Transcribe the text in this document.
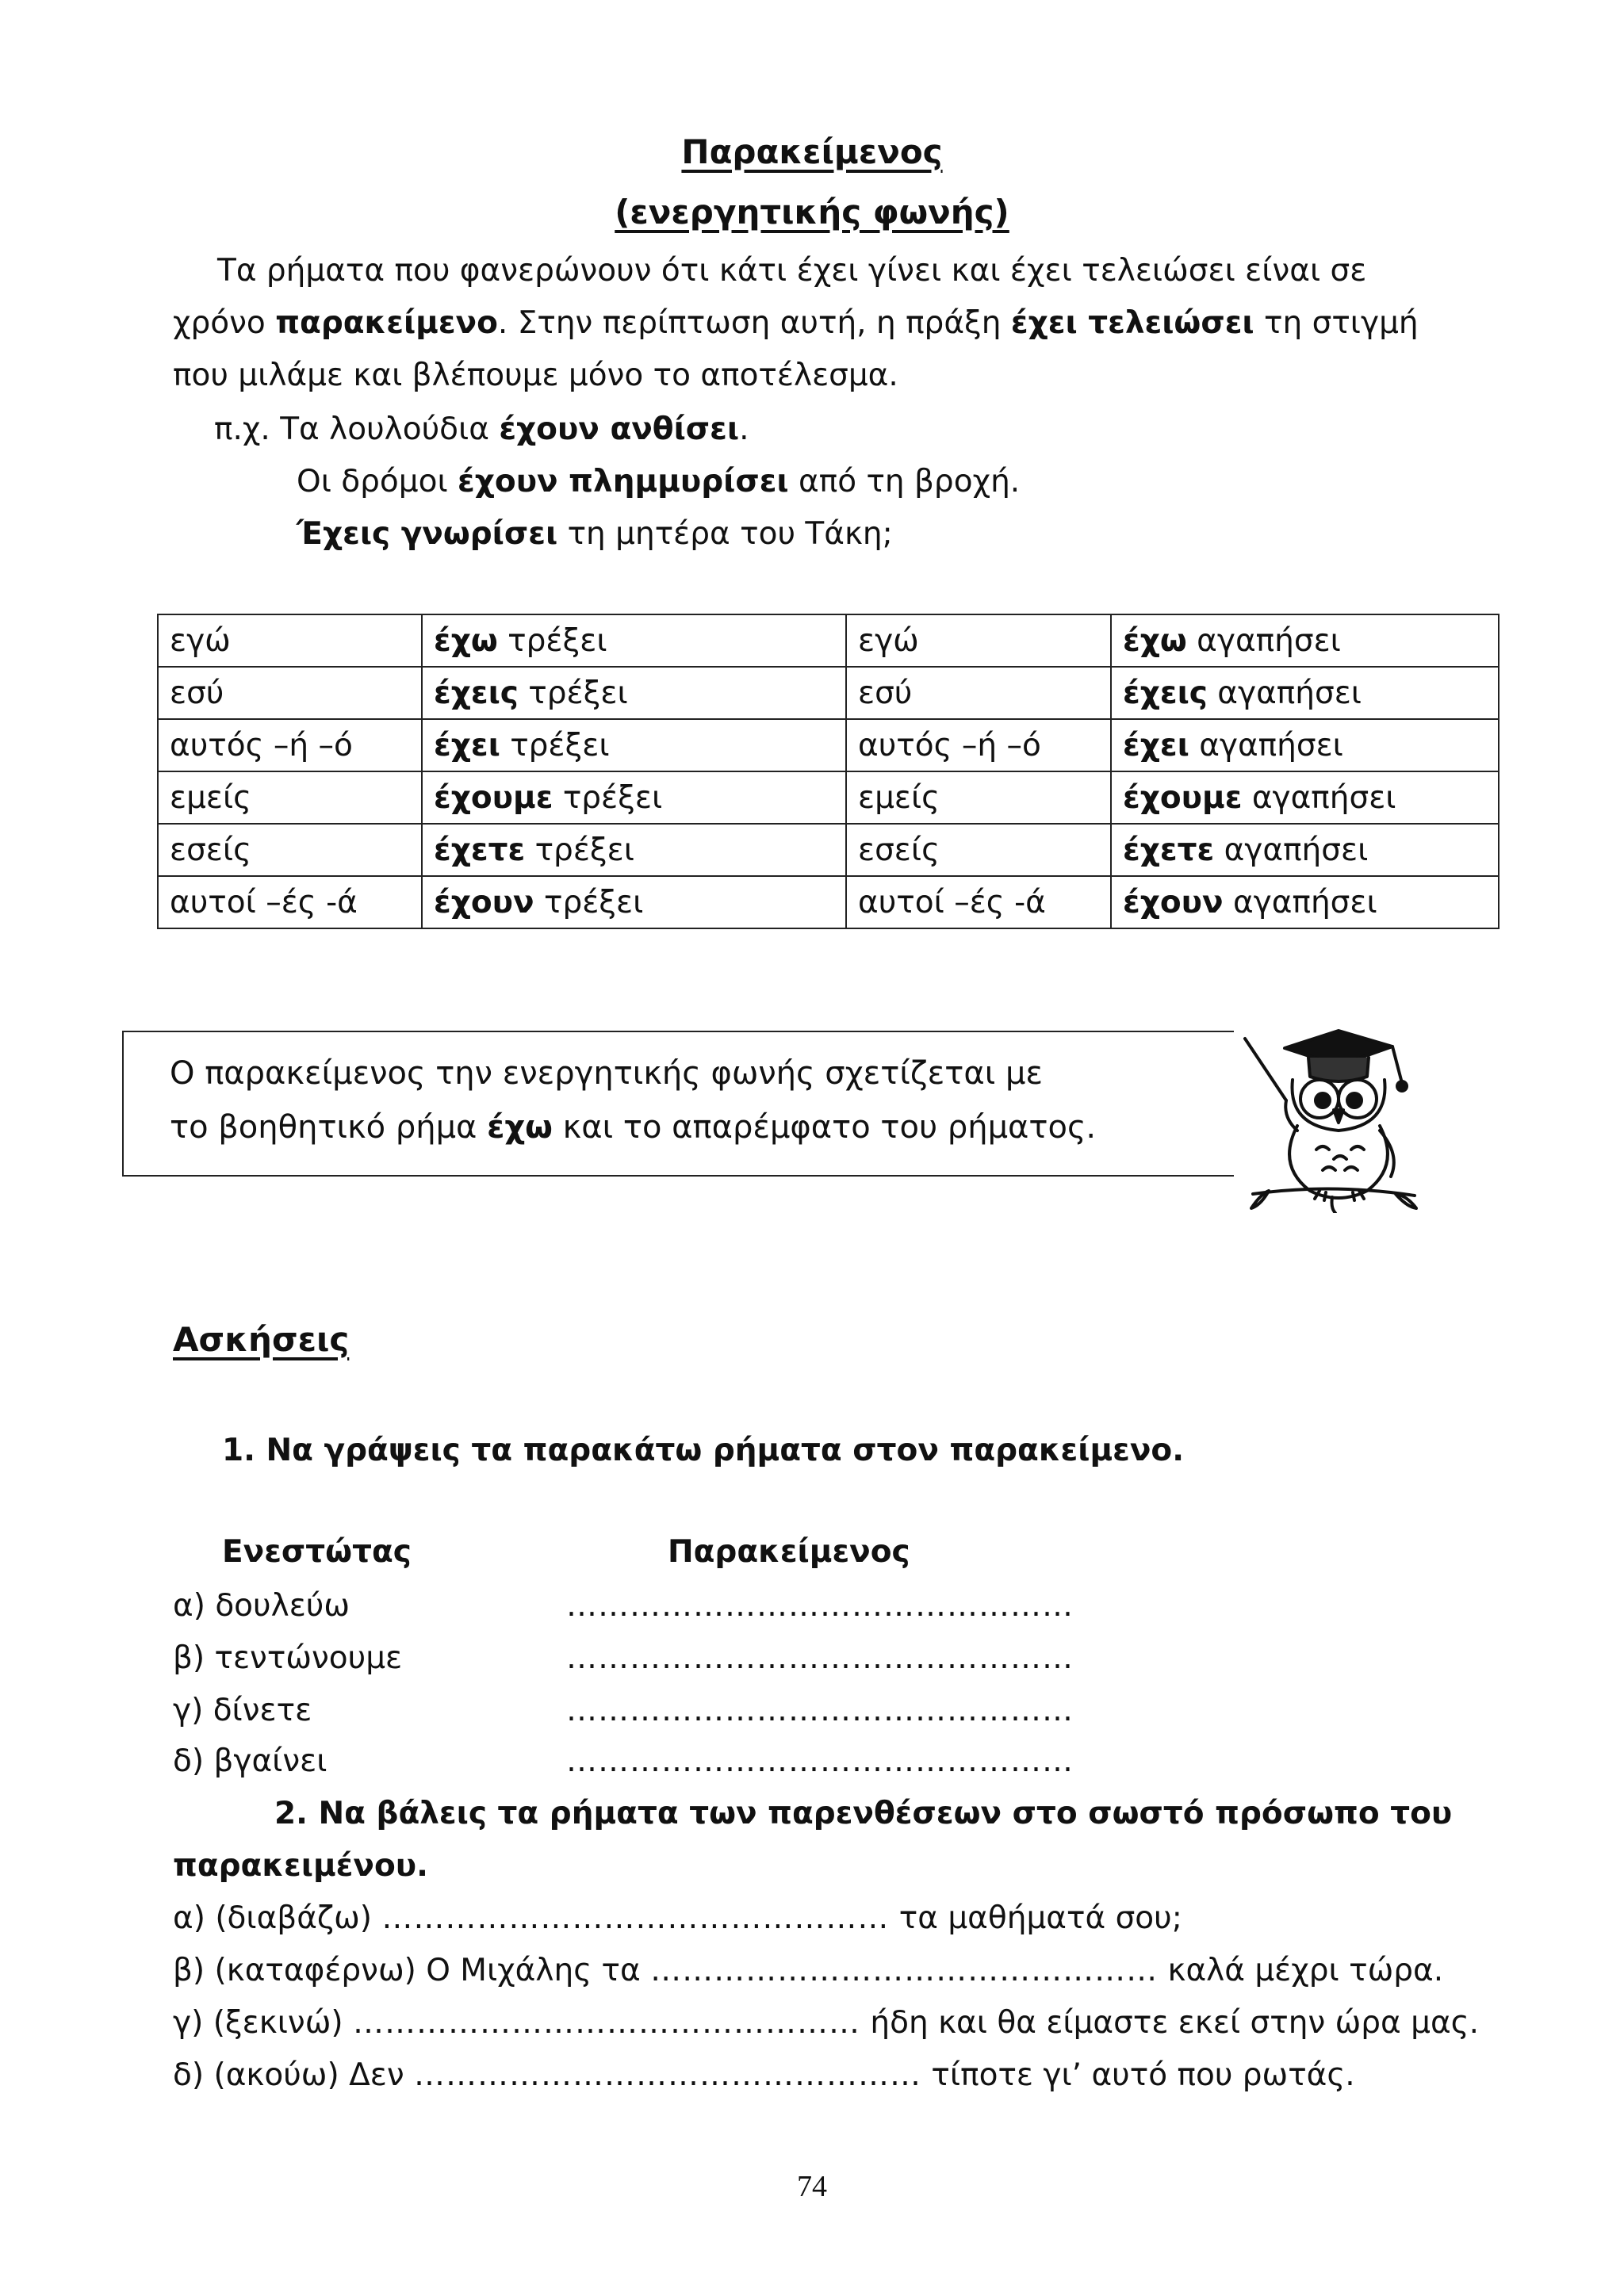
Παρακείμενος
(ενεργητικής φωνής)
Τα ρήματα που φανερώνουν ότι κάτι έχει γίνει και έχει τελειώσει είναι σε
χρόνο παρακείμενο. Στην περίπτωση αυτή, η πράξη έχει τελειώσει τη στιγμή
που μιλάμε και βλέπουμε μόνο το αποτέλεσμα.
π.χ. Τα λουλούδια έχουν ανθίσει.
Οι δρόμοι έχουν πλημμυρίσει από τη βροχή.
Έχεις γνωρίσει τη μητέρα του Τάκη;
εγώ	έχω τρέξει	εγώ	έχω αγαπήσει
εσύ	έχεις τρέξει	εσύ	έχεις αγαπήσει
αυτός –ή –ό	έχει τρέξει	αυτός –ή –ό	έχει αγαπήσει
εμείς	έχουμε τρέξει	εμείς	έχουμε αγαπήσει
εσείς	έχετε τρέξει	εσείς	έχετε αγαπήσει
αυτοί –ές -ά	έχουν τρέξει	αυτοί –ές -ά	έχουν αγαπήσει
Ο παρακείμενος την ενεργητικής φωνής σχετίζεται με
το βοηθητικό ρήμα έχω και το απαρέμφατο του ρήματος.
Ασκήσεις
1. Να γράψεις τα παρακάτω ρήματα στον παρακείμενο.
Ενεστώτας	Παρακείμενος
α) δουλεύω	…………………………………………
β) τεντώνουμε	…………………………………………
γ) δίνετε	…………………………………………
δ) βγαίνει	…………………………………………
2. Να βάλεις τα ρήματα των παρενθέσεων στο σωστό πρόσωπο του
παρακειμένου.
α) (διαβάζω) ………………………………………… τα μαθήματά σου;
β) (καταφέρνω) Ο Μιχάλης τα ………………………………………… καλά μέχρι τώρα.
γ) (ξεκινώ) ………………………………………… ήδη και θα είμαστε εκεί στην ώρα μας.
δ) (ακούω) Δεν ………………………………………… τίποτε γι’ αυτό που ρωτάς.
74
